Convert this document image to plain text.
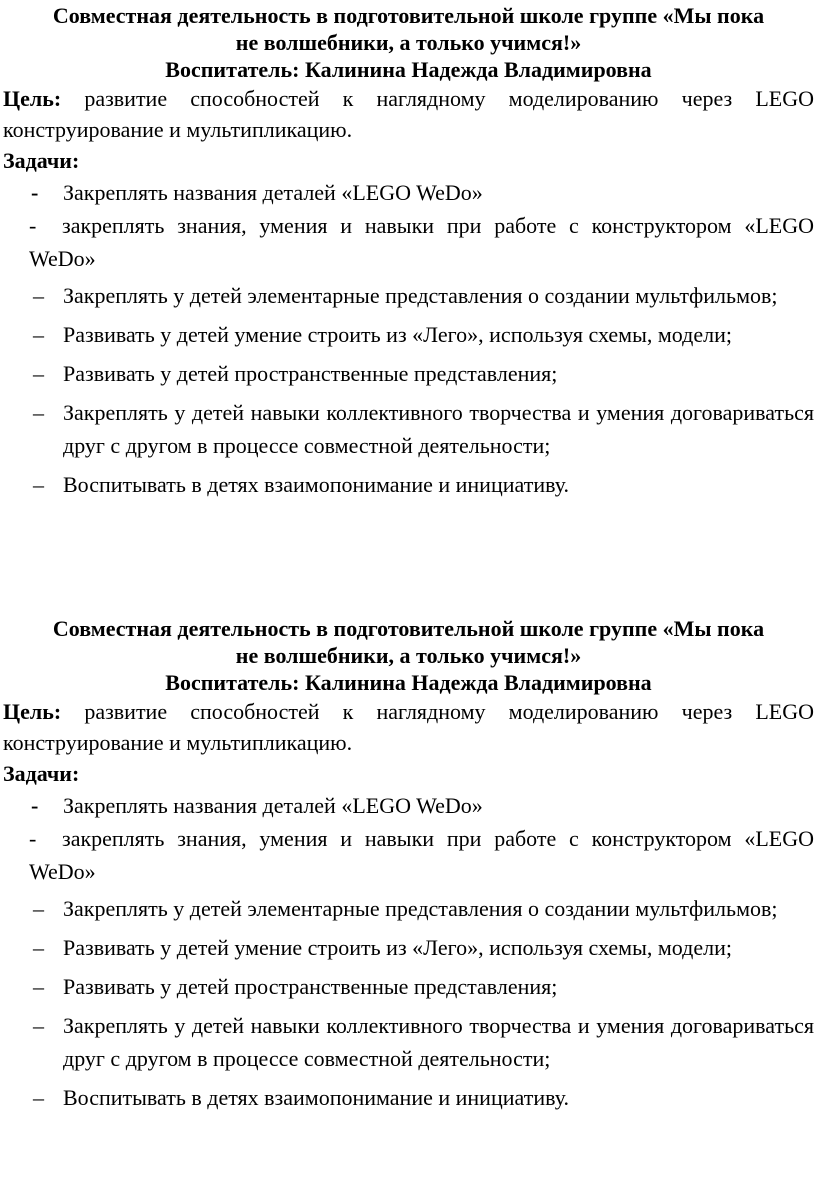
Совместная деятельность в подготовительной школе группе «Мы пока
не волшебники, а только учимся!»

Воспитатель: Калинина Надежда Владимировна

Цель: развитие способностей к наглядному моделированию через LEGO конструирование и мультипликацию.

Задачи:

- Закреплять названия деталей «LEGO WeDo»

- закреплять знания, умения и навыки при работе с конструктором «LEGO WeDo»

– Закреплять у детей элементарные представления о создании мультфильмов;
– Развивать у детей умение строить из «Лего», используя схемы, модели;
– Развивать у детей пространственные представления;
– Закреплять у детей навыки коллективного творчества и умения договариваться друг с другом в процессе совместной деятельности;
– Воспитывать в детях взаимопонимание и инициативу.

Совместная деятельность в подготовительной школе группе «Мы пока
не волшебники, а только учимся!»

Воспитатель: Калинина Надежда Владимировна

Цель: развитие способностей к наглядному моделированию через LEGO конструирование и мультипликацию.

Задачи:

- Закреплять названия деталей «LEGO WeDo»

- закреплять знания, умения и навыки при работе с конструктором «LEGO WeDo»

– Закреплять у детей элементарные представления о создании мультфильмов;
– Развивать у детей умение строить из «Лего», используя схемы, модели;
– Развивать у детей пространственные представления;
– Закреплять у детей навыки коллективного творчества и умения договариваться друг с другом в процессе совместной деятельности;
– Воспитывать в детях взаимопонимание и инициативу.
